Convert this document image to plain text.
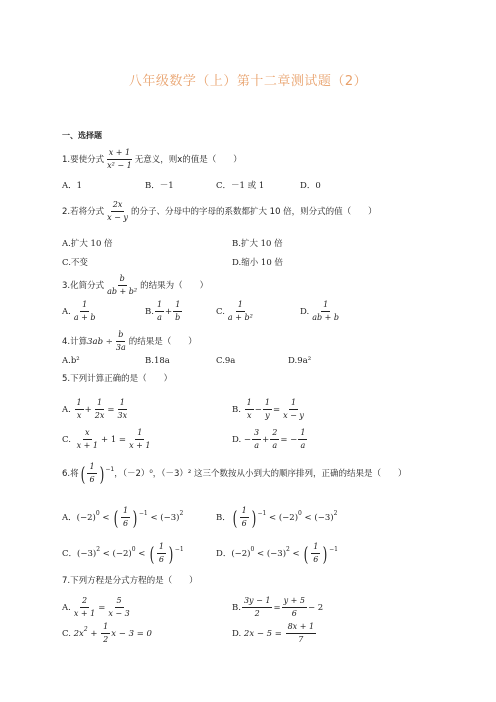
八年级数学（上）第十二章测试题（2）
一、选择题
1.要使分式 $\frac{x + 1}{\text{x² − 1}}$ 无意义，则x的值是（　　）
A．1	B．－1	C．－1 或 1	D．0
2.若将分式 $\frac{2x}{x - y}$ 的分子、分母中的字母的系数都扩大 10 倍，则分式的值（　　）
A.扩大 10 倍	B.扩大 10 倍
C.不变	D.缩小 10 倍
3.化简分式 $\frac{b}{\text{ab + b²}}$ 的结果为（　　）
A. $\frac{1}{a + b}$	B. $\frac{1}{a} + \frac{1}{b}$	C. $\frac{1}{\text{a + b²}}$	D. $\frac{1}{ab + b}$
4.计算$3ab \div \frac{b}{3a}$ 的结果是（　　）
A.b²	B.18a	C.9a	D.9a²
5.下列计算正确的是（　　）
A. $\frac{1}{x} + \frac{1}{2x} = \frac{1}{3x}$	B. $\frac{1}{x} - \frac{1}{y} = \frac{1}{x - y}$
C. $\frac{x}{x + 1} + 1 = \frac{1}{x + 1}$	D. − $\frac{3}{a} + \frac{2}{a}$ = − $\frac{1}{a}$
6.将( $\frac{1}{6}$ ) $^{-1}$，（－2）⁰，（－3）² 这三个数按从小到大的顺序排列，正确的结果是（　　）
A．$(-2)^0$ < ( $\frac{1}{6}$ ) $^{-1} < (-3)^2$	B．( $\frac{1}{6}$ ) $^{-1} < (-2)^0 < (-3)^2$
C．$(-3)^2 < (-2)^0$ < ( $\frac{1}{6}$ ) $^{-1}$	D．$(-2)^0 < (-3)^2$ < ( $\frac{1}{6}$ ) $^{-1}$
7.下列方程是分式方程的是（　　）
A. $\frac{2}{x + 1} = \frac{5}{x - 3}$	B. $\frac{3y - 1}{2} = \frac{y + 5}{6} - 2$
C. $2x^2 + \frac{1}{2}$ x − 3 = 0	D. $2x - 5 = \frac{8x + 1}{7}$
